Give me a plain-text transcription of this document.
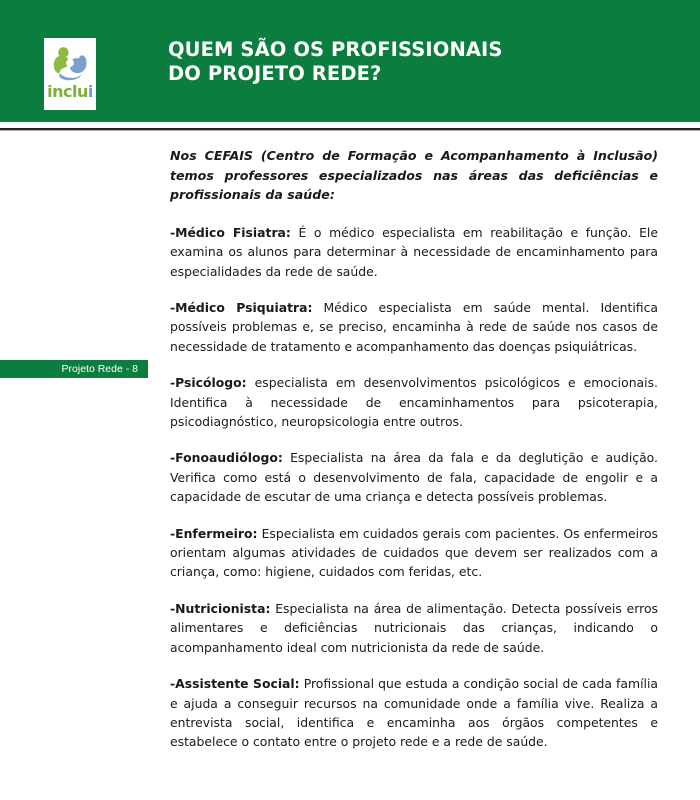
inclui
QUEM SÃO OS PROFISSIONAIS
DO PROJETO REDE?
Projeto Rede - 8

Nos CEFAIS (Centro de Formação e Acompanhamento à Inclusão) temos professores especializados nas áreas das deficiências e profissionais da saúde:

-Médico Fisiatra: É o médico especialista em reabilitação e função. Ele examina os alunos para determinar à necessidade de encaminhamento para especialidades da rede de saúde.

-Médico Psiquiatra: Médico especialista em saúde mental. Identifica possíveis problemas e, se preciso, encaminha à rede de saúde nos casos de necessidade de tratamento e acompanhamento das doenças psiquiátricas.

-Psicólogo: especialista em desenvolvimentos psicológicos e emocionais. Identifica à necessidade de encaminhamentos para psicoterapia, psicodiagnóstico, neuropsicologia entre outros.

-Fonoaudiólogo: Especialista na área da fala e da deglutição e audição. Verifica como está o desenvolvimento de fala, capacidade de engolir e a capacidade de escutar de uma criança e detecta possíveis problemas.

-Enfermeiro: Especialista em cuidados gerais com pacientes. Os enfermeiros orientam algumas atividades de cuidados que devem ser realizados com a criança, como: higiene, cuidados com feridas, etc.

-Nutricionista: Especialista na área de alimentação. Detecta possíveis erros alimentares e deficiências nutricionais das crianças, indicando o acompanhamento ideal com nutricionista da rede de saúde.

-Assistente Social: Profissional que estuda a condição social de cada família e ajuda a conseguir recursos na comunidade onde a família vive. Realiza a entrevista social, identifica e encaminha aos órgãos competentes e estabelece o contato entre o projeto rede e a rede de saúde.
